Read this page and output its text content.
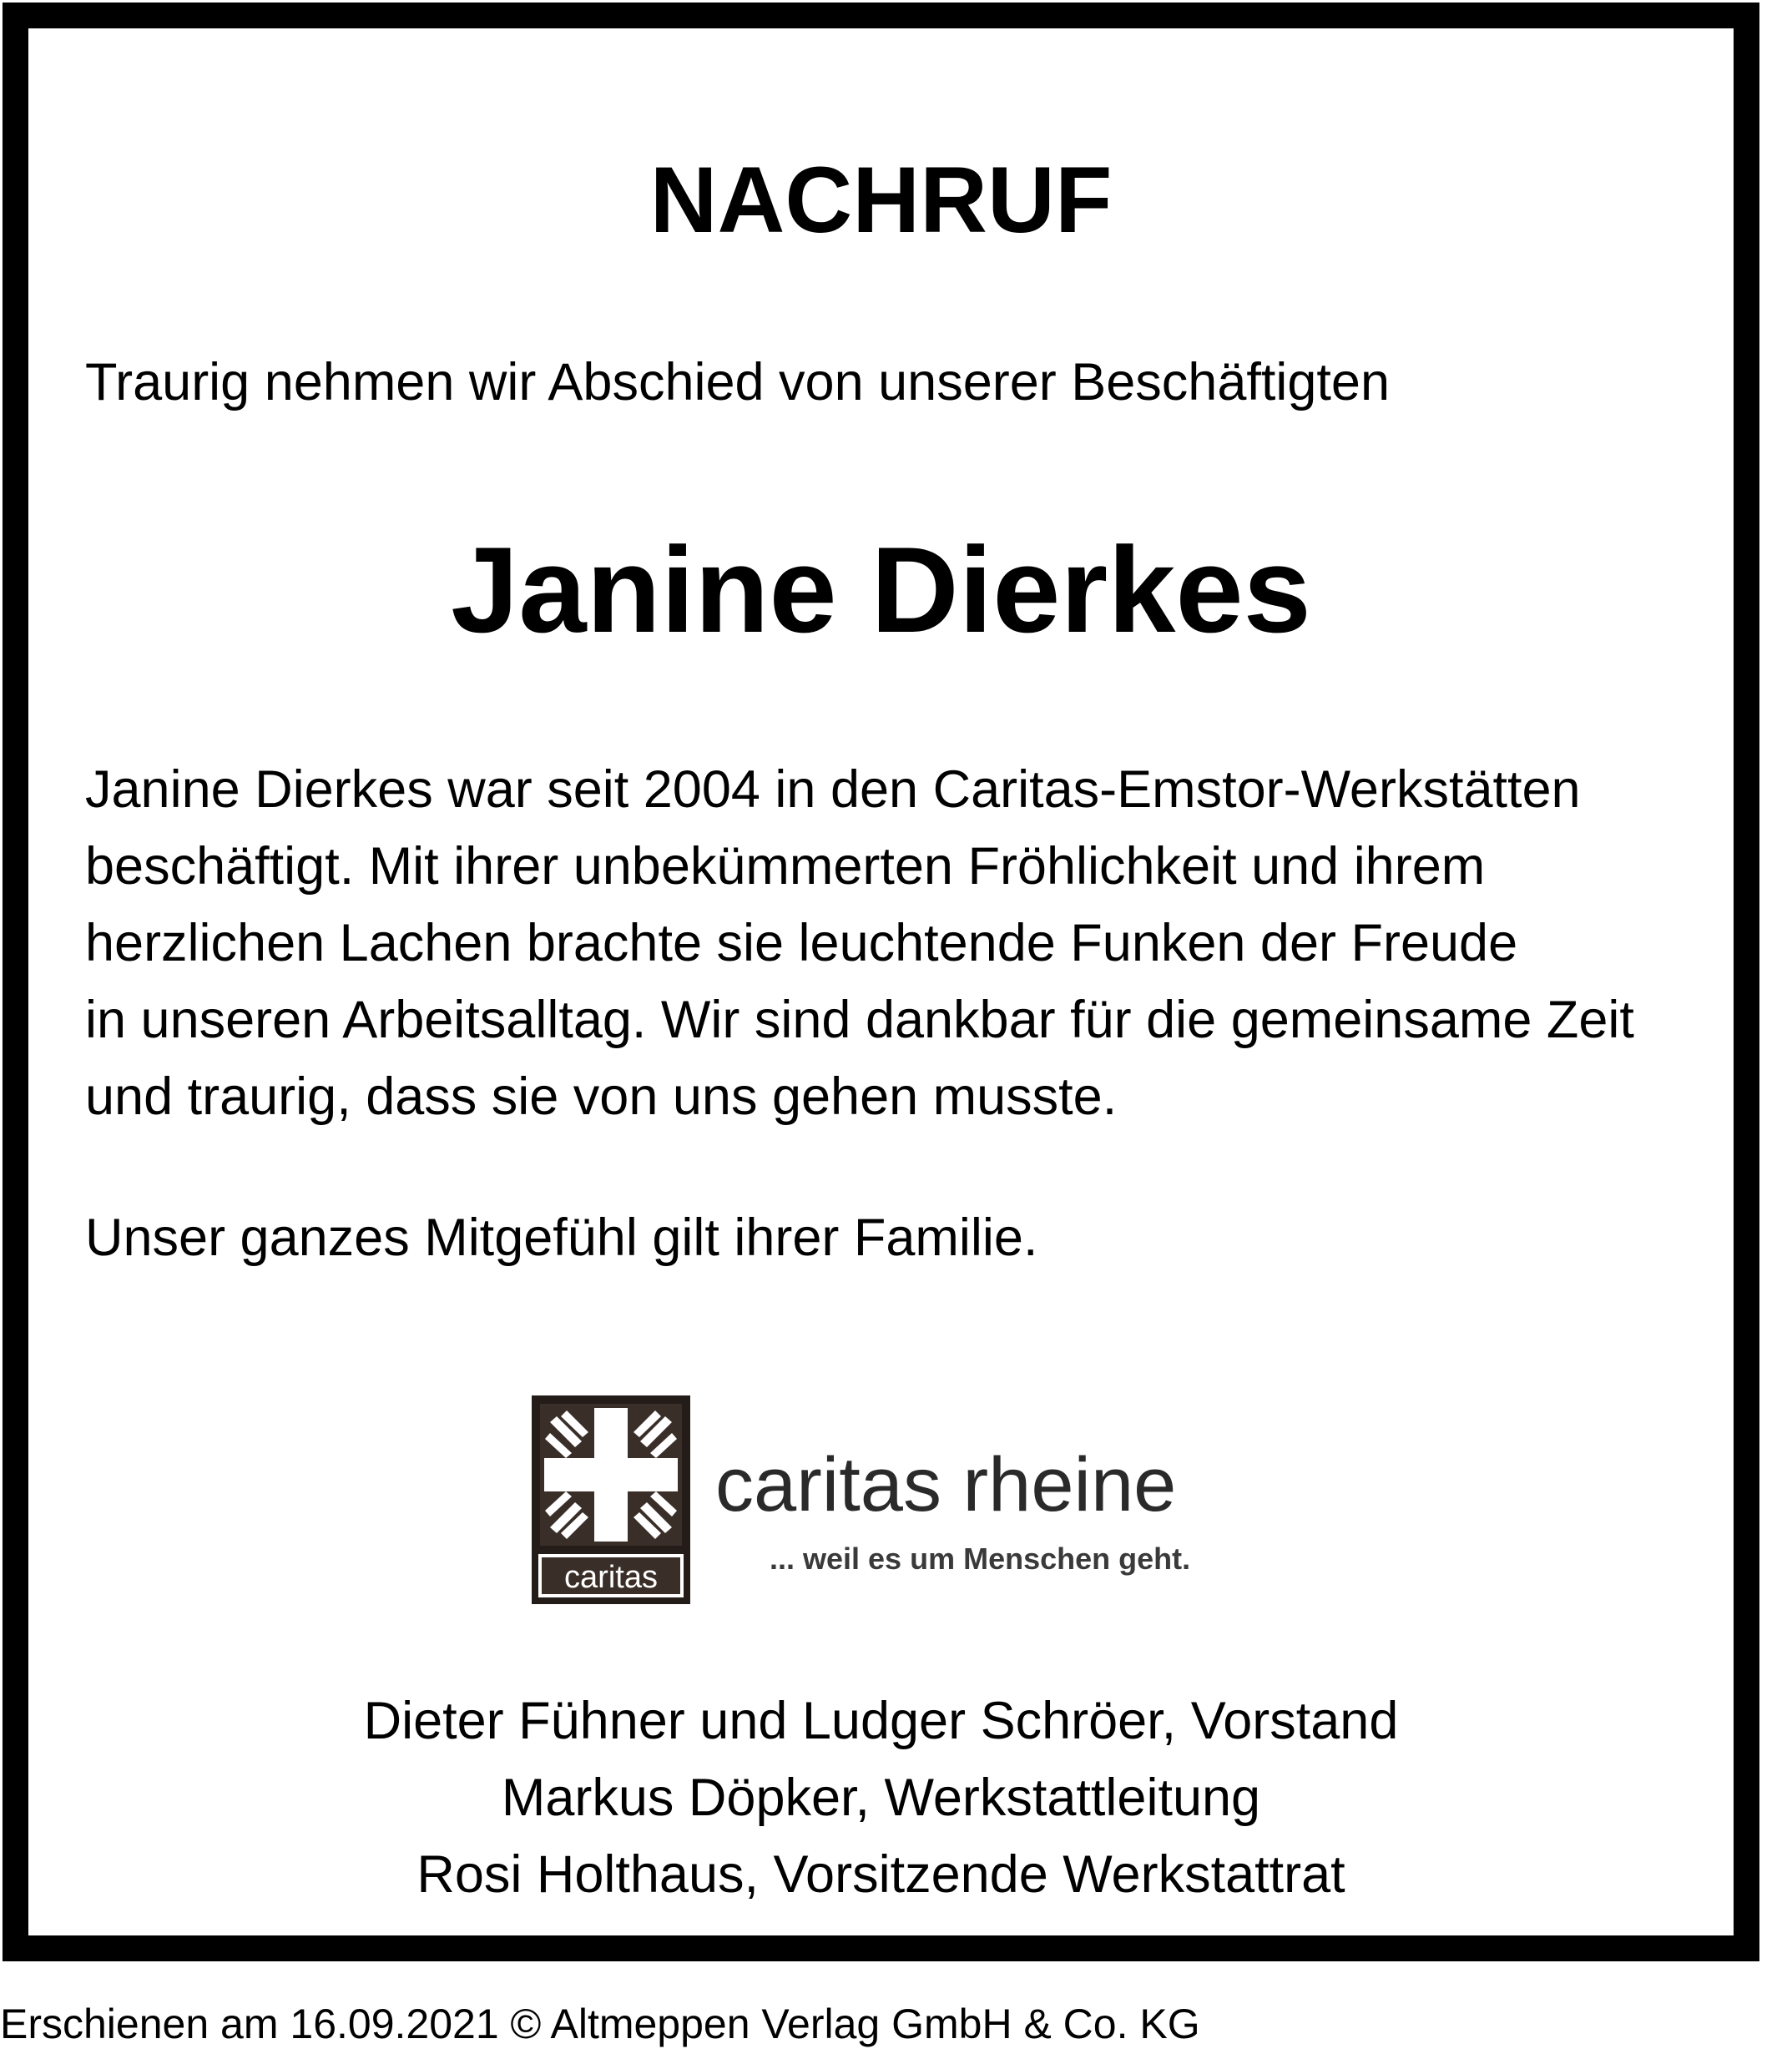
NACHRUF
Traurig nehmen wir Abschied von unserer Beschäftigten
Janine Dierkes
Janine Dierkes war seit 2004 in den Caritas-Emstor-Werkstätten
beschäftigt. Mit ihrer unbekümmerten Fröhlichkeit und ihrem
herzlichen Lachen brachte sie leuchtende Funken der Freude
in unseren Arbeitsalltag. Wir sind dankbar für die gemeinsame Zeit
und traurig, dass sie von uns gehen musste.
Unser ganzes Mitgefühl gilt ihrer Familie.
caritas
caritas rheine
... weil es um Menschen geht.
Dieter Fühner und Ludger Schröer, Vorstand
Markus Döpker, Werkstattleitung
Rosi Holthaus, Vorsitzende Werkstattrat
Erschienen am 16.09.2021 © Altmeppen Verlag GmbH & Co. KG
